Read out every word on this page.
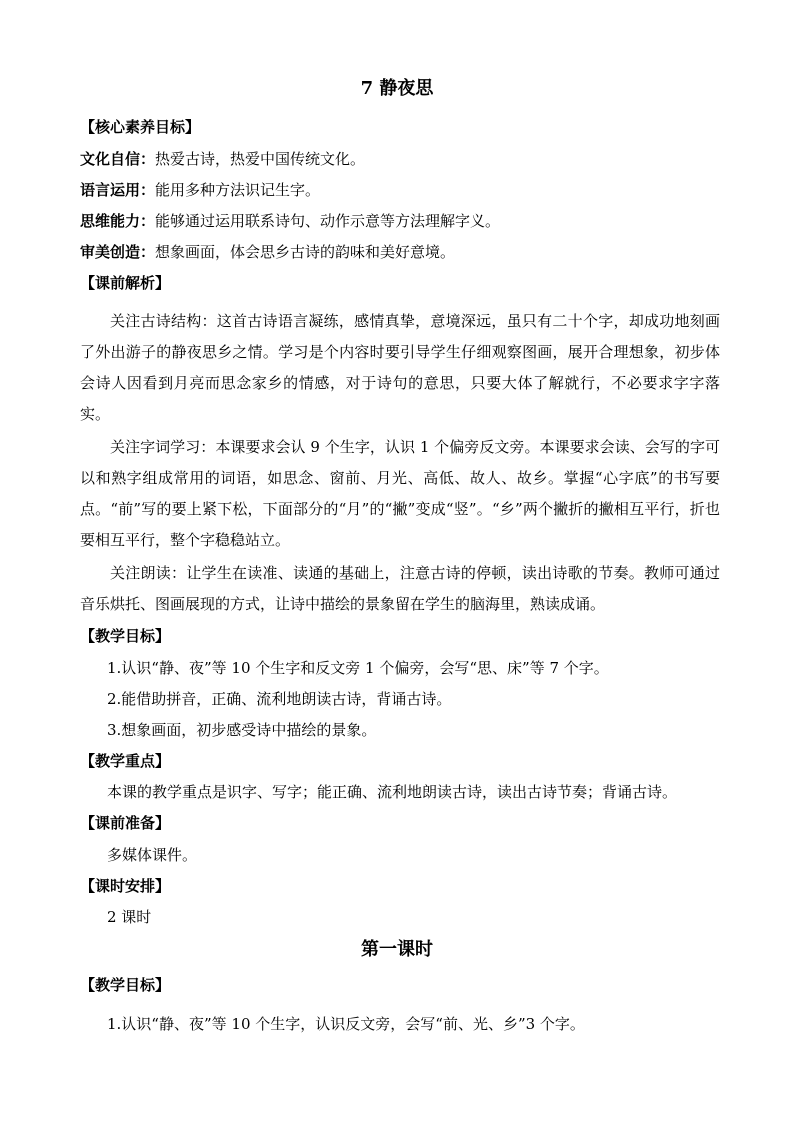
7 静夜思
【核心素养目标】
文化自信：热爱古诗，热爱中国传统文化。
语言运用：能用多种方法识记生字。
思维能力：能够通过运用联系诗句、动作示意等方法理解字义。
审美创造：想象画面，体会思乡古诗的韵味和美好意境。
【课前解析】
关注古诗结构：这首古诗语言凝练，感情真挚，意境深远，虽只有二十个字，却成功地刻画了外出游子的静夜思乡之情。学习是个内容时要引导学生仔细观察图画，展开合理想象，初步体会诗人因看到月亮而思念家乡的情感，对于诗句的意思，只要大体了解就行，不必要求字字落实。
关注字词学习：本课要求会认 9 个生字，认识 1 个偏旁反文旁。本课要求会读、会写的字可以和熟字组成常用的词语，如思念、窗前、月光、高低、故人、故乡。掌握“心字底”的书写要点。“前”写的要上紧下松，下面部分的“月”的“撇”变成“竖”。“乡”两个撇折的撇相互平行，折也要相互平行，整个字稳稳站立。
关注朗读：让学生在读准、读通的基础上，注意古诗的停顿，读出诗歌的节奏。教师可通过音乐烘托、图画展现的方式，让诗中描绘的景象留在学生的脑海里，熟读成诵。
【教学目标】
1.认识“静、夜”等 10 个生字和反文旁 1 个偏旁，会写“思、床”等 7 个字。
2.能借助拼音，正确、流利地朗读古诗，背诵古诗。
3.想象画面，初步感受诗中描绘的景象。
【教学重点】
本课的教学重点是识字、写字；能正确、流利地朗读古诗，读出古诗节奏；背诵古诗。
【课前准备】
多媒体课件。
【课时安排】
2 课时
第一课时
【教学目标】
1.认识“静、夜”等 10 个生字，认识反文旁，会写“前、光、乡”3 个字。
